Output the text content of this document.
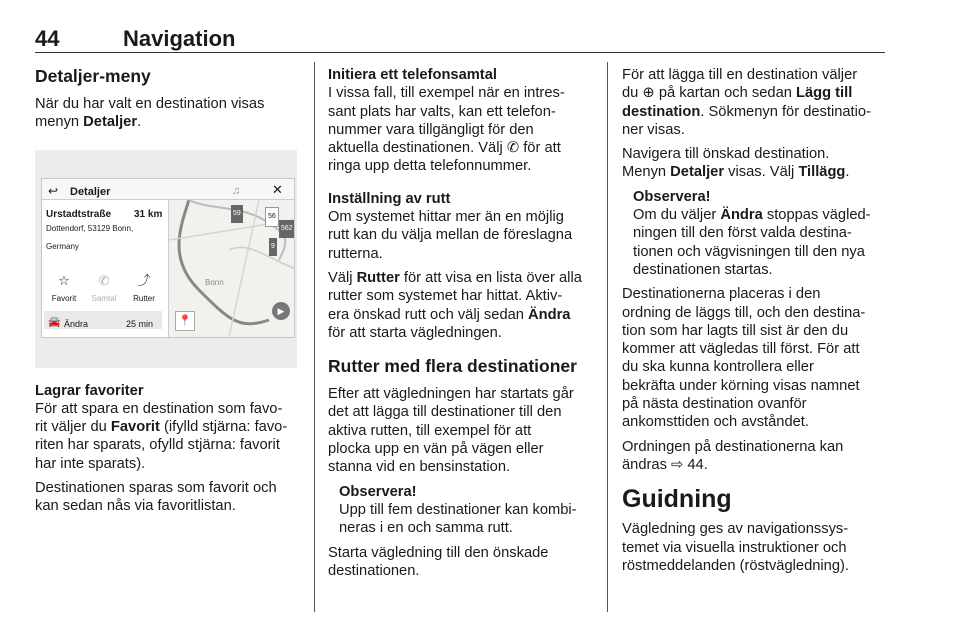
44	Navigation
Detaljer-meny

När du har valt en destination visas
menyn Detaljer.

↩ Detaljer	♫ ✕
Urstadtstraße 31 km
Dottendorf, 53129 Bonn, Germany
☆
Favorit
✆
Samtal
⤴
Rutter
🚘 Ändra	25 min
59	56
562
9
Bonn
📍
▶
Lagrar favoriter

För att spara en destination som favo-
rit väljer du Favorit (ifylld stjärna: favo-
riten har sparats, ofylld stjärna: favorit
har inte sparats).

Destinationen sparas som favorit och
kan sedan nås via favoritlistan.

Initiera ett telefonsamtal

I vissa fall, till exempel när en intres-
sant plats har valts, kan ett telefon-
nummer vara tillgängligt för den
aktuella destinationen. Välj ✆ för att
ringa upp detta telefonnummer.

Inställning av rutt

Om systemet hittar mer än en möjlig
rutt kan du välja mellan de föreslagna
rutterna.

Välj Rutter för att visa en lista över alla
rutter som systemet har hittat. Aktiv-
era önskad rutt och välj sedan Ändra
för att starta vägledningen.

Rutter med flera destinationer

Efter att vägledningen har startats går
det att lägga till destinationer till den
aktiva rutten, till exempel för att
plocka upp en vän på vägen eller
stanna vid en bensinstation.

Observera!
Upp till fem destinationer kan kombi-
neras i en och samma rutt.

Starta vägledning till den önskade
destinationen.

För att lägga till en destination väljer
du ⊕ på kartan och sedan Lägg till
destination. Sökmenyn för destinatio-
ner visas.

Navigera till önskad destination.
Menyn Detaljer visas. Välj Tillägg.

Observera!
Om du väljer Ändra stoppas vägled-
ningen till den först valda destina-
tionen och vägvisningen till den nya
destinationen startas.

Destinationerna placeras i den
ordning de läggs till, och den destina-
tion som har lagts till sist är den du
kommer att vägledas till först. För att
du ska kunna kontrollera eller
bekräfta under körning visas namnet
på nästa destination ovanför
ankomsttiden och avståndet.

Ordningen på destinationerna kan
ändras ⇨ 44.

Guidning

Vägledning ges av navigationssys-
temet via visuella instruktioner och
röstmeddelanden (röstvägledning).
